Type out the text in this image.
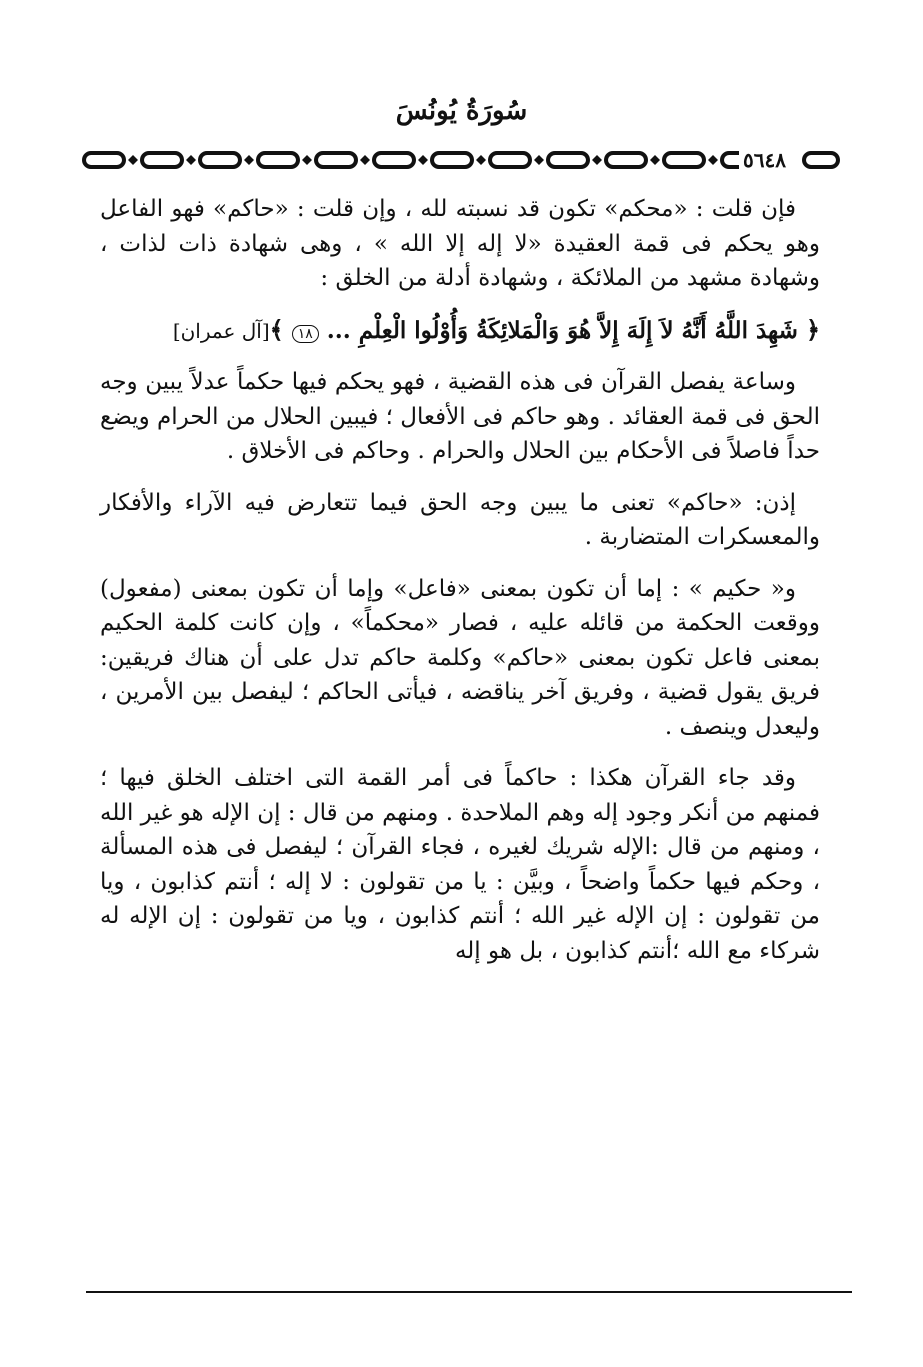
سُورَةُ يُونُسَ
٥٦٤٨

فإن قلت : «محكم» تكون قد نسبته لله ، وإن قلت : «حاكم» فهو الفاعل وهو يحكم فى قمة العقيدة «لا إله إلا الله » ، وهى شهادة ذات لذات ، وشهادة مشهد من الملائكة ، وشهادة أدلة من الخلق :

﴿ شَهِدَ اللَّهُ أَنَّهُ لاَ إِلَهَ إِلاَّ هُوَ وَالْمَلائِكَةُ وَأُوْلُوا الْعِلْمِ ... ١٨ ﴾[آل عمران]

وساعة يفصل القرآن فى هذه القضية ، فهو يحكم فيها حكماً عدلاً يبين وجه الحق فى قمة العقائد . وهو حاكم فى الأفعال ؛ فيبين الحلال من الحرام ويضع حداً فاصلاً فى الأحكام بين الحلال والحرام . وحاكم فى الأخلاق .

إذن: «حاكم» تعنى ما يبين وجه الحق فيما تتعارض فيه الآراء والأفكار والمعسكرات المتضاربة .

و« حكيم » : إما أن تكون بمعنى «فاعل» وإما أن تكون بمعنى (مفعول) ووقعت الحكمة من قائله عليه ، فصار «محكماً» ، وإن كانت كلمة الحكيم بمعنى فاعل تكون بمعنى «حاكم» وكلمة حاكم تدل على أن هناك فريقين: فريق يقول قضية ، وفريق آخر يناقضه ، فيأتى الحاكم ؛ ليفصل بين الأمرين ، وليعدل وينصف .

وقد جاء القرآن هكذا : حاكماً فى أمر القمة التى اختلف الخلق فيها ؛ فمنهم من أنكر وجود إله وهم الملاحدة . ومنهم من قال : إن الإله هو غير الله ، ومنهم من قال :الإله شريك لغيره ، فجاء القرآن ؛ ليفصل فى هذه المسألة ، وحكم فيها حكماً واضحاً ، وبيَّن : يا من تقولون : لا إله ؛ أنتم كذابون ، ويا من تقولون : إن الإله غير الله ؛ أنتم كذابون ، ويا من تقولون : إن الإله له شركاء مع الله ؛أنتم كذابون ، بل هو إله
